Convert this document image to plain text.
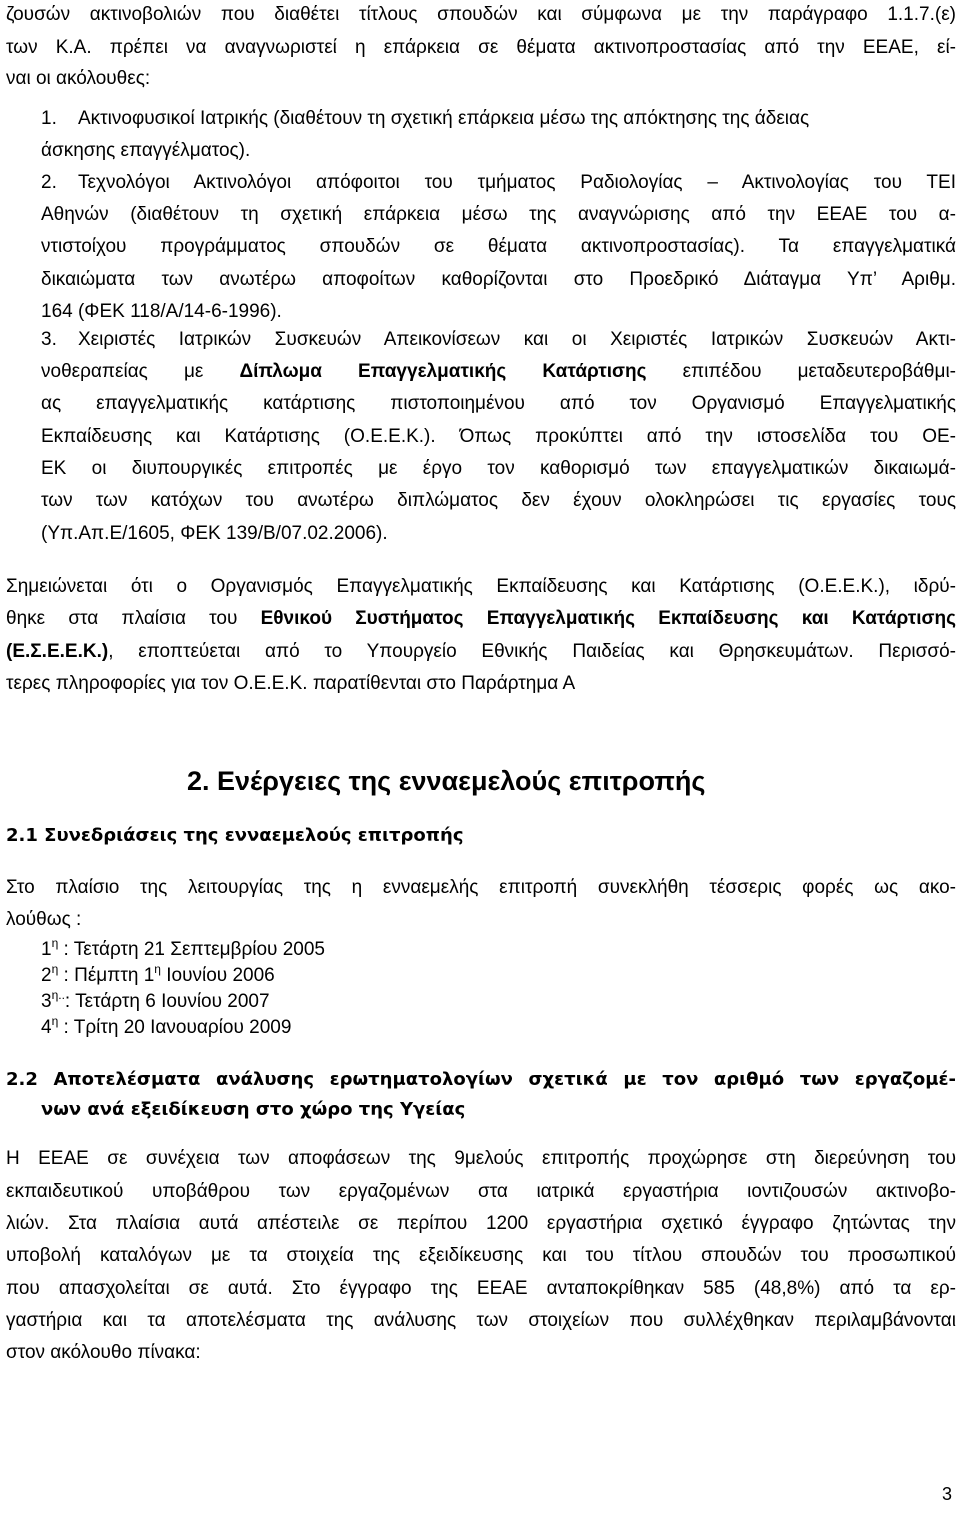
ζουσών ακτινοβολιών που διαθέτει τίτλους σπουδών και σύμφωνα με την παράγραφο 1.1.7.(ε)
των Κ.Α. πρέπει να αναγνωριστεί η επάρκεια σε θέματα ακτινοπροστασίας από την ΕΕΑΕ, εί-
ναι οι ακόλουθες:
1.	Ακτινοφυσικοί Ιατρικής (διαθέτουν τη σχετική επάρκεια μέσω της απόκτησης της άδειας
άσκησης επαγγέλματος).
2.	Τεχνολόγοι Ακτινολόγοι απόφοιτοι του τμήματος Ραδιολογίας – Ακτινολογίας του ΤΕΙ
Αθηνών (διαθέτουν τη σχετική επάρκεια μέσω της αναγνώρισης από την ΕΕΑΕ του α-
ντιστοίχου προγράμματος σπουδών σε θέματα ακτινοπροστασίας). Τα επαγγελματικά
δικαιώματα των ανωτέρω αποφοίτων καθορίζονται στο Προεδρικό Διάταγμα Υπ’ Αριθμ.
164 (ΦΕΚ 118/Α/14-6-1996).
3.	Χειριστές Ιατρικών Συσκευών Απεικονίσεων και οι Χειριστές Ιατρικών Συσκευών Ακτι-
νοθεραπείας με Δίπλωμα Επαγγελματικής Κατάρτισης επιπέδου μεταδευτεροβάθμι-
ας επαγγελματικής κατάρτισης πιστοποιημένου από τον Οργανισμό Επαγγελματικής
Εκπαίδευσης και Κατάρτισης (Ο.Ε.Ε.Κ.). Όπως προκύπτει από την ιστοσελίδα του ΟΕ-
ΕΚ οι διυπουργικές επιτροπές με έργο τον καθορισμό των επαγγελματικών δικαιωμά-
των των κατόχων του ανωτέρω διπλώματος δεν έχουν ολοκληρώσει τις εργασίες τους
(Υπ.Απ.Ε/1605, ΦΕΚ 139/Β/07.02.2006).
Σημειώνεται ότι ο Οργανισμός Επαγγελματικής Εκπαίδευσης και Κατάρτισης (Ο.Ε.Ε.Κ.), ιδρύ-
θηκε στα πλαίσια του Εθνικού Συστήματος Επαγγελματικής Εκπαίδευσης και Κατάρτισης
(Ε.Σ.Ε.Ε.Κ.), εποπτεύεται από το Υπουργείο Εθνικής Παιδείας και Θρησκευμάτων. Περισσό-
τερες πληροφορίες για τον Ο.Ε.Ε.Κ. παρατίθενται στο Παράρτημα Α
2. Ενέργειες της ενναεμελούς επιτροπής
2.1 Συνεδριάσεις της ενναεμελούς επιτροπής
Στο πλαίσιο της λειτουργίας της η ενναεμελής επιτροπή συνεκλήθη τέσσερις φορές ως ακο-
λούθως :
$1^\eta$ : Τετάρτη 21 Σεπτεμβρίου 2005
$2^\eta$ : Πέμπτη $1^\eta$ Ιουνίου 2006
$3^{\eta..}$: Τετάρτη 6 Ιουνίου 2007
$4^\eta$ : Τρίτη 20 Ιανουαρίου 2009
2.2 Αποτελέσματα ανάλυσης ερωτηματολογίων σχετικά με τον αριθμό των εργαζομέ-
νων ανά εξειδίκευση στο χώρο της Υγείας
Η ΕΕΑΕ σε συνέχεια των αποφάσεων της 9μελούς επιτροπής προχώρησε στη διερεύνηση του
εκπαιδευτικού υποβάθρου των εργαζομένων στα ιατρικά εργαστήρια ιοντιζουσών ακτινοβο-
λιών. Στα πλαίσια αυτά απέστειλε σε περίπου 1200 εργαστήρια σχετικό έγγραφο ζητώντας την
υποβολή καταλόγων με τα στοιχεία της εξειδίκευσης και του τίτλου σπουδών του προσωπικού
που απασχολείται σε αυτά. Στο έγγραφο της ΕΕΑΕ ανταποκρίθηκαν 585 (48,8%) από τα ερ-
γαστήρια και τα αποτελέσματα της ανάλυσης των στοιχείων που συλλέχθηκαν περιλαμβάνονται
στον ακόλουθο πίνακα:
3
